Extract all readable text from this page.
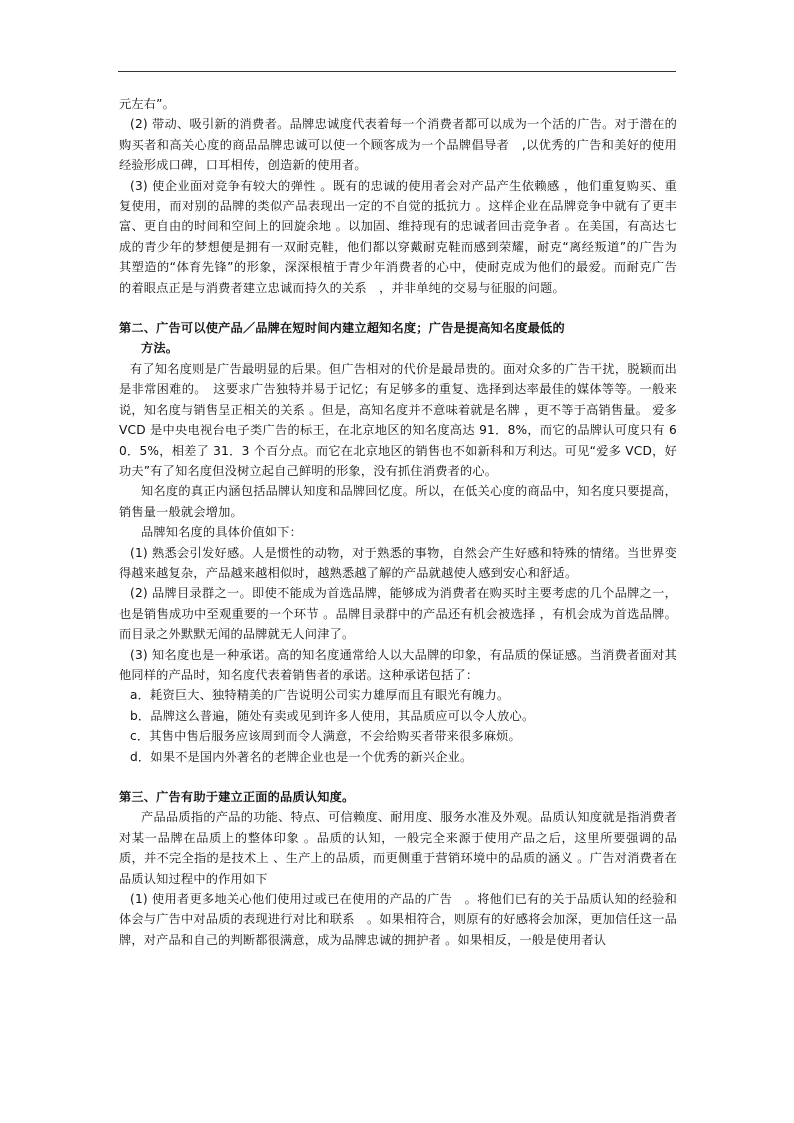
元左右”。

(2) 带动、吸引新的消费者。品牌忠诚度代表着每一个消费者都可以成为一个活的广告。对于潜在的购买者和高关心度的商品品牌忠诚可以使一个顾客成为一个品牌倡导者　,以优秀的广告和美好的使用经验形成口碑，口耳相传，创造新的使用者。

(3) 使企业面对竞争有较大的弹性 。既有的忠诚的使用者会对产品产生依赖感 ，他们重复购买、重复使用，而对别的品牌的类似产品表现出一定的不自觉的抵抗力 。这样企业在品牌竞争中就有了更丰富、更自由的时间和空间上的回旋余地 。以加固、维持现有的忠诚者回击竞争者 。在美国，有高达七成的青少年的梦想便是拥有一双耐克鞋，他们都以穿戴耐克鞋而感到荣耀，耐克“离经叛道”的广告为其塑造的“体育先锋”的形象，深深根植于青少年消费者的心中，使耐克成为他们的最爱。而耐克广告的着眼点正是与消费者建立忠诚而持久的关系　，并非单纯的交易与征服的问题。

第二、广告可以使产品／品牌在短时间内建立超知名度；广告是提高知名度最低的

方法。

有了知名度则是广告最明显的后果。但广告相对的代价是最昂贵的。面对众多的广告干扰，脱颖而出是非常困难的。　这要求广告独特并易于记忆；有足够多的重复、选择到达率最佳的媒体等等。一般来说，知名度与销售呈正相关的关系 。但是，高知名度并不意味着就是名牌 ，更不等于高销售量。 爱多 VCD 是中央电视台电子类广告的标王，在北京地区的知名度高达 91．8%，而它的品牌认可度只有 60．5%，相差了 31．3 个百分点。而它在北京地区的销售也不如新科和万利达。可见“爱多 VCD，好功夫”有了知名度但没树立起自己鲜明的形象，没有抓住消费者的心。

知名度的真正内涵包括品牌认知度和品牌回忆度。所以，在低关心度的商品中，知名度只要提高，销售量一般就会增加。

品牌知名度的具体价值如下：

(1) 熟悉会引发好感。人是惯性的动物，对于熟悉的事物，自然会产生好感和特殊的情绪。当世界变得越来越复杂，产品越来越相似时，越熟悉越了解的产品就越使人感到安心和舒适。

(2) 品牌目录群之一。即使不能成为首选品牌，能够成为消费者在购买时主要考虑的几个品牌之一，也是销售成功中至观重要的一个环节 。品牌目录群中的产品还有机会被选择 ，有机会成为首选品牌。而目录之外默默无闻的品牌就无人问津了。

(3) 知名度也是一种承诺。高的知名度通常给人以大品牌的印象，有品质的保证感。当消费者面对其他同样的产品时，知名度代表着销售者的承诺。这种承诺包括了：

a．耗资巨大、独特精美的广告说明公司实力雄厚而且有眼光有魄力。

b．品牌这么普遍，随处有卖或见到许多人使用，其品质应可以令人放心。

c．其售中售后服务应该周到而令人满意，不会给购买者带来很多麻烦。

d．如果不是国内外著名的老牌企业也是一个优秀的新兴企业。

第三、广告有助于建立正面的品质认知度。

产品品质指的产品的功能、特点、可信赖度、耐用度、服务水准及外观。品质认知度就是指消费者对某一品牌在品质上的整体印象 。品质的认知，一般完全来源于使用产品之后，这里所要强调的品质，并不完全指的是技术上 、生产上的品质，而更侧重于营销环境中的品质的涵义 。广告对消费者在品质认知过程中的作用如下

(1) 使用者更多地关心他们使用过或已在使用的产品的广告　。将他们已有的关于品质认知的经验和体会与广告中对品质的表现进行对比和联系　。如果相符合，则原有的好感将会加深，更加信任这一品牌，对产品和自己的判断都很满意，成为品牌忠诚的拥护者 。如果相反，一般是使用者认
